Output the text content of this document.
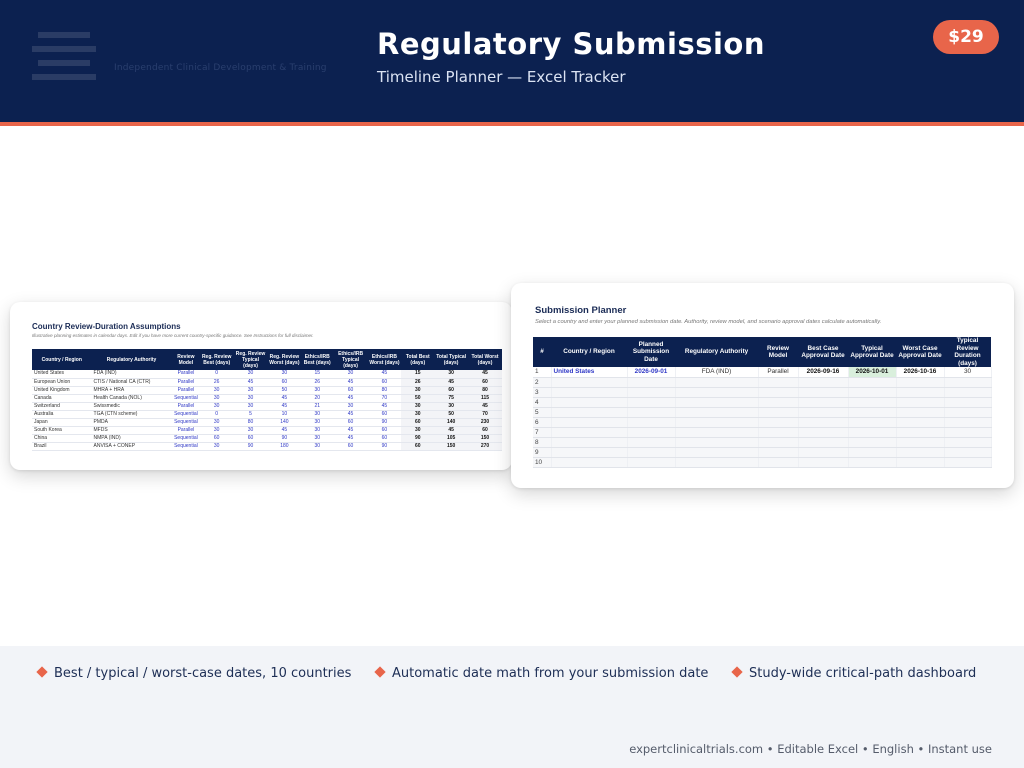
Independent Clinical Development & Training
Regulatory Submission
Timeline Planner — Excel Tracker
$29
Country Review-Duration Assumptions
Illustrative planning estimates in calendar days. Edit if you have more current country-specific guidance. See Instructions for full disclaimer.
Country / Region	Regulatory Authority	Review Model	Reg. Review Best (days)	Reg. Review Typical (days)	Reg. Review Worst (days)	Ethics/IRB Best (days)	Ethics/IRB Typical (days)	Ethics/IRB Worst (days)	Total Best (days)	Total Typical (days)	Total Worst (days)
United States	FDA (IND)	Parallel	0	30	30	15	30	45	15	30	45
European Union	CTIS / National CA (CTR)	Parallel	26	45	60	26	45	60	26	45	60
United Kingdom	MHRA + HRA	Parallel	30	30	50	30	60	80	30	60	80
Canada	Health Canada (NOL)	Sequential	30	30	45	20	45	70	50	75	115
Switzerland	Swissmedic	Parallel	30	30	45	21	30	45	30	30	45
Australia	TGA (CTN scheme)	Sequential	0	5	10	30	45	60	30	50	70
Japan	PMDA	Sequential	30	80	140	30	60	90	60	140	230
South Korea	MFDS	Parallel	30	30	45	30	45	60	30	45	60
China	NMPA (IND)	Sequential	60	60	90	30	45	60	90	105	150
Brazil	ANVISA + CONEP	Sequential	30	90	180	30	60	90	60	150	270
Submission Planner
Select a country and enter your planned submission date. Authority, review model, and scenario approval dates calculate automatically.
#	Country / Region	Planned Submission Date	Regulatory Authority	Review Model	Best Case Approval Date	Typical Approval Date	Worst Case Approval Date	Typical Review Duration (days)
1	United States	2026-09-01	FDA (IND)	Parallel	2026-09-16	2026-10-01	2026-10-16	30
2								
3								
4								
5								
6								
7								
8								
9								
10								
Best / typical / worst-case dates, 10 countries	Automatic date math from your submission date	Study-wide critical-path dashboard
expertclinicaltrials.com • Editable Excel • English • Instant use
